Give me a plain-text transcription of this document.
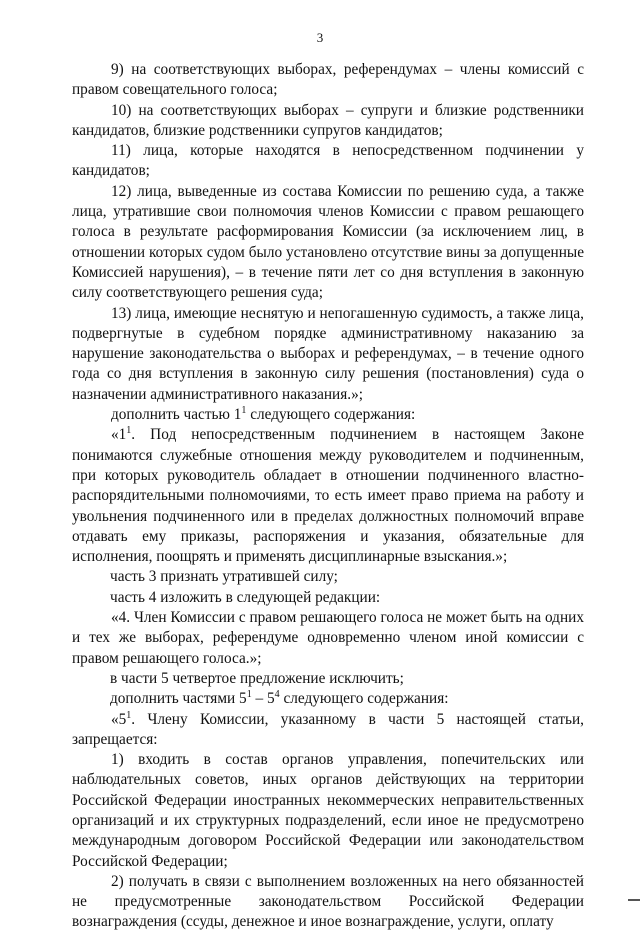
3

9) на соответствующих выборах, референдумах – члены комиссий с правом совещательного голоса;

10) на соответствующих выборах – супруги и близкие родственники кандидатов, близкие родственники супругов кандидатов;

11) лица, которые находятся в непосредственном подчинении у кандидатов;

12) лица, выведенные из состава Комиссии по решению суда, а также лица, утратившие свои полномочия членов Комиссии с правом решающего голоса в результате расформирования Комиссии (за исключением лиц, в отношении которых судом было установлено отсутствие вины за допущенные Комиссией нарушения), – в течение пяти лет со дня вступления в законную силу соответствующего решения суда;

13) лица, имеющие неснятую и непогашенную судимость, а также лица, подвергнутые в судебном порядке административному наказанию за нарушение законодательства о выборах и референдумах, – в течение одного года со дня вступления в законную силу решения (постановления) суда о назначении административного наказания.»;

дополнить частью $1^1$ следующего содержания:

«$1^1$. Под непосредственным подчинением в настоящем Законе понимаются служебные отношения между руководителем и подчиненным, при которых руководитель обладает в отношении подчиненного властно-распорядительными полномочиями, то есть имеет право приема на работу и увольнения подчиненного или в пределах должностных полномочий вправе отдавать ему приказы, распоряжения и указания, обязательные для исполнения, поощрять и применять дисциплинарные взыскания.»;

часть 3 признать утратившей силу;

часть 4 изложить в следующей редакции:

«4. Член Комиссии с правом решающего голоса не может быть на одних и тех же выборах, референдуме одновременно членом иной комиссии с правом решающего голоса.»;

в части 5 четвертое предложение исключить;

дополнить частями $5^1 - 5^4$ следующего содержания:

«$5^1$. Члену Комиссии, указанному в части 5 настоящей статьи, запрещается:

1) входить в состав органов управления, попечительских или наблюдательных советов, иных органов действующих на территории Российской Федерации иностранных некоммерческих неправительственных организаций и их структурных подразделений, если иное не предусмотрено международным договором Российской Федерации или законодательством Российской Федерации;

2) получать в связи с выполнением возложенных на него обязанностей не предусмотренные законодательством Российской Федерации вознаграждения (ссуды, денежное и иное вознаграждение, услуги, оплату
